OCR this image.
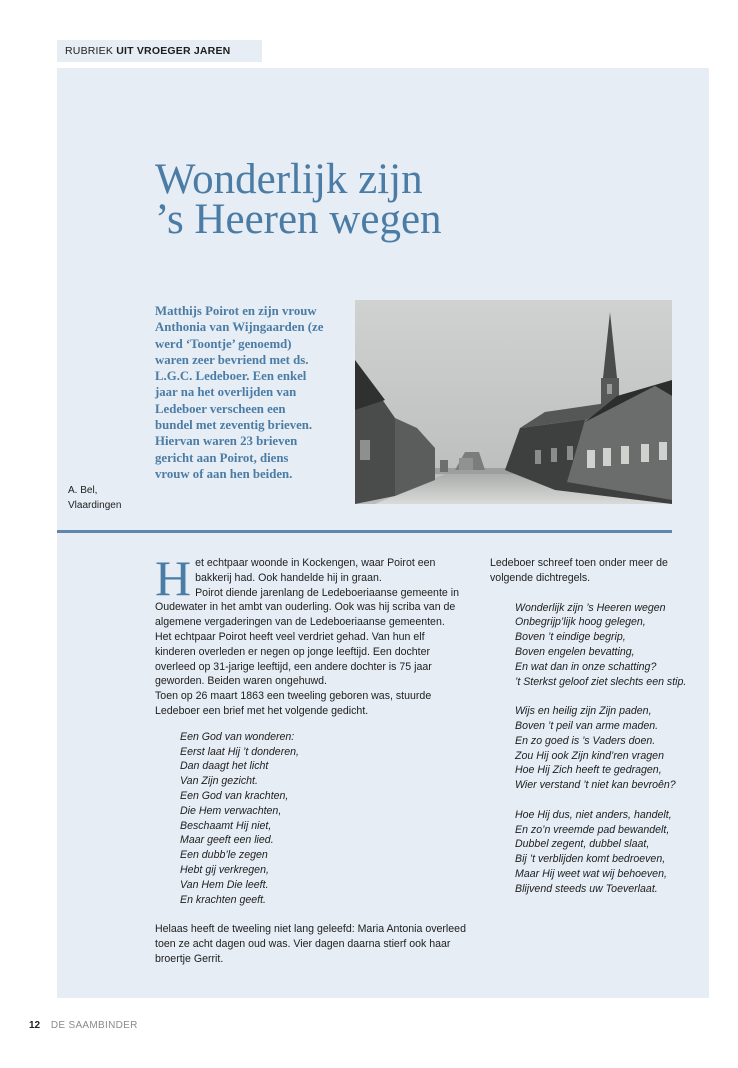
RUBRIEK UIT VROEGER JAREN
Wonderlijk zijn
’s Heeren wegen

Matthijs Poirot en zijn vrouw Anthonia van Wijngaarden (ze werd ‘Toontje’ genoemd) waren zeer bevriend met ds. L.G.C. Ledeboer. Een enkel jaar na het overlijden van Ledeboer verscheen een bundel met zeventig brieven. Hiervan waren 23 brieven gericht aan Poirot, diens vrouw of aan hen beiden.

A. Bel,
Vlaardingen

Het echtpaar woonde in Kockengen, waar Poirot een bakkerij had. Ook handelde hij in graan.

Poirot diende jarenlang de Ledeboeriaanse gemeente in Oudewater in het ambt van ouderling. Ook was hij scriba van de algemene vergaderingen van de Ledeboeriaanse gemeenten.

Het echtpaar Poirot heeft veel verdriet gehad. Van hun elf kinderen overleden er negen op jonge leeftijd. Een dochter overleed op 31-jarige leeftijd, een andere dochter is 75 jaar geworden. Beiden waren ongehuwd.

Toen op 26 maart 1863 een tweeling geboren was, stuurde Ledeboer een brief met het volgende gedicht.

Een God van wonderen:
Eerst laat Hij ’t donderen,
Dan daagt het licht
Van Zijn gezicht.
Een God van krachten,
Die Hem verwachten,
Beschaamt Hij niet,
Maar geeft een lied.
Een dubb’le zegen
Hebt gij verkregen,
Van Hem Die leeft.
En krachten geeft.

Helaas heeft de tweeling niet lang geleefd: Maria Antonia overleed toen ze acht dagen oud was. Vier dagen daarna stierf ook haar broertje Gerrit.

Ledeboer schreef toen onder meer de volgende dichtregels.

Wonderlijk zijn ’s Heeren wegen
Onbegrijp’lijk hoog gelegen,
Boven ’t eindige begrip,
Boven engelen bevatting,
En wat dan in onze schatting?
’t Sterkst geloof ziet slechts een stip.
Wijs en heilig zijn Zijn paden,
Boven ’t peil van arme maden.
En zo goed is ’s Vaders doen.
Zou Hij ook Zijn kind’ren vragen
Hoe Hij Zich heeft te gedragen,
Wier verstand ’t niet kan bevroên?
Hoe Hij dus, niet anders, handelt,
En zo’n vreemde pad bewandelt,
Dubbel zegent, dubbel slaat,
Bij ’t verblijden komt bedroeven,
Maar Hij weet wat wij behoeven,
Blijvend steeds uw Toeverlaat.
12 DE SAAMBINDER
